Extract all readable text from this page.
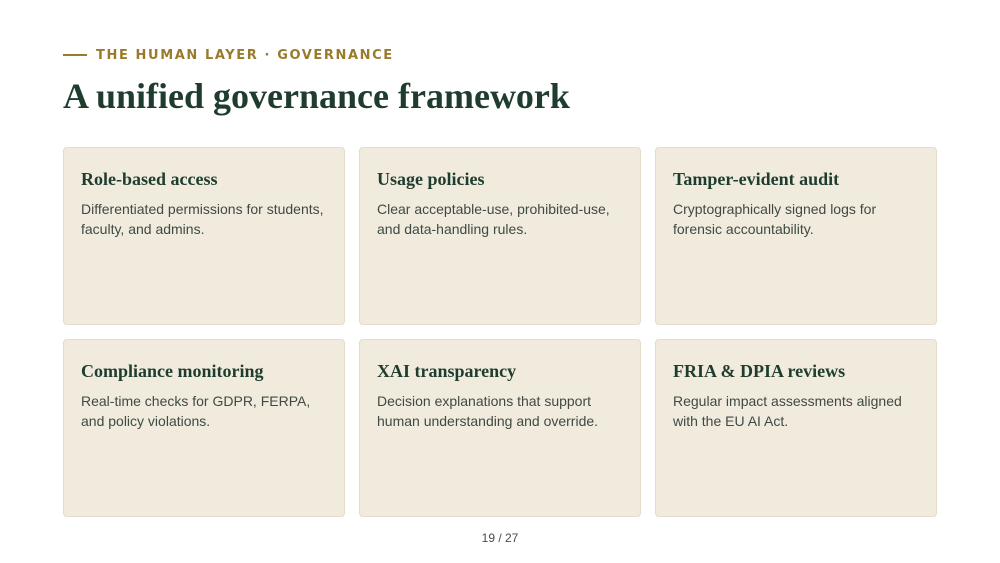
THE HUMAN LAYER · GOVERNANCE
A unified governance framework
Role-based access
Differentiated permissions for students, faculty, and admins.
Usage policies
Clear acceptable-use, prohibited-use, and data-handling rules.
Tamper-evident audit
Cryptographically signed logs for forensic accountability.
Compliance monitoring
Real-time checks for GDPR, FERPA, and policy violations.
XAI transparency
Decision explanations that support human understanding and override.
FRIA & DPIA reviews
Regular impact assessments aligned with the EU AI Act.
19 / 27
